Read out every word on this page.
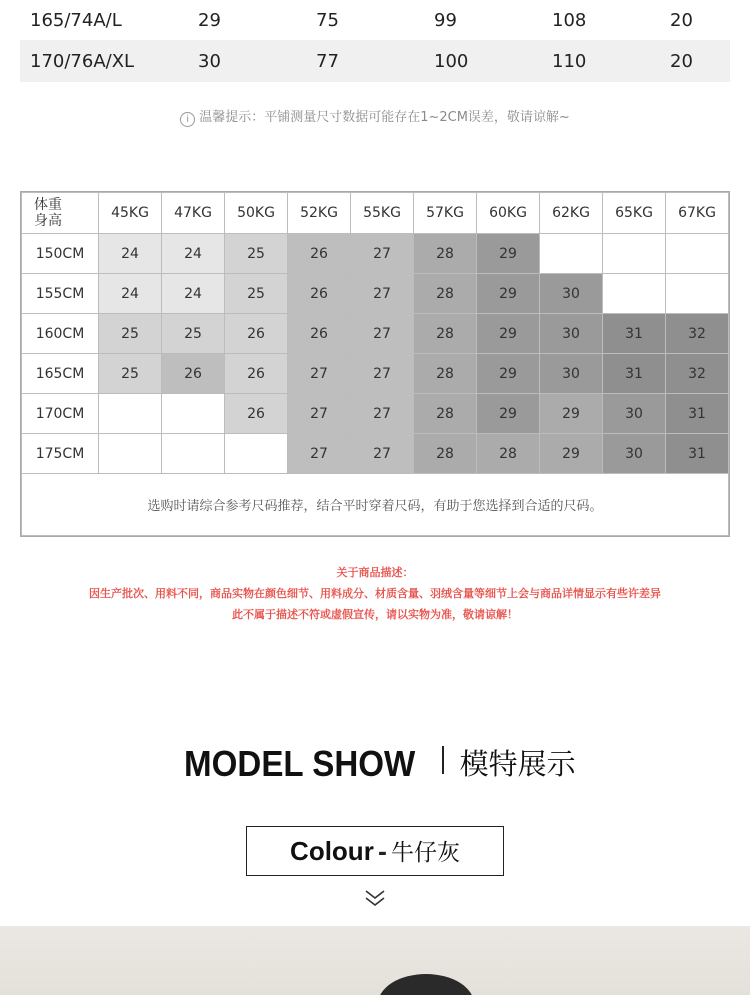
165/74A/L	29	75	99	108	20
170/76A/XL	30	77	100	110	20
i 温馨提示：平铺测量尺寸数据可能存在1~2CM误差，敬请谅解~
体重
身高	45KG	47KG	50KG	52KG	55KG	57KG	60KG	62KG	65KG	67KG
150CM	24	24	25	26	27	28	29			
155CM	24	24	25	26	27	28	29	30		
160CM	25	25	26	26	27	28	29	30	31	32
165CM	25	26	26	27	27	28	29	30	31	32
170CM			26	27	27	28	29	29	30	31
175CM				27	27	28	28	29	30	31
选购时请综合参考尺码推荐，结合平时穿着尺码，有助于您选择到合适的尺码。										
关于商品描述：
因生产批次、用料不同，商品实物在颜色细节、用料成分、材质含量、羽绒含量等细节上会与商品详情显示有些许差异
此不属于描述不符或虚假宣传，请以实物为准，敬请谅解！
MODEL SHOW 模特展示
Colour - 牛仔灰
